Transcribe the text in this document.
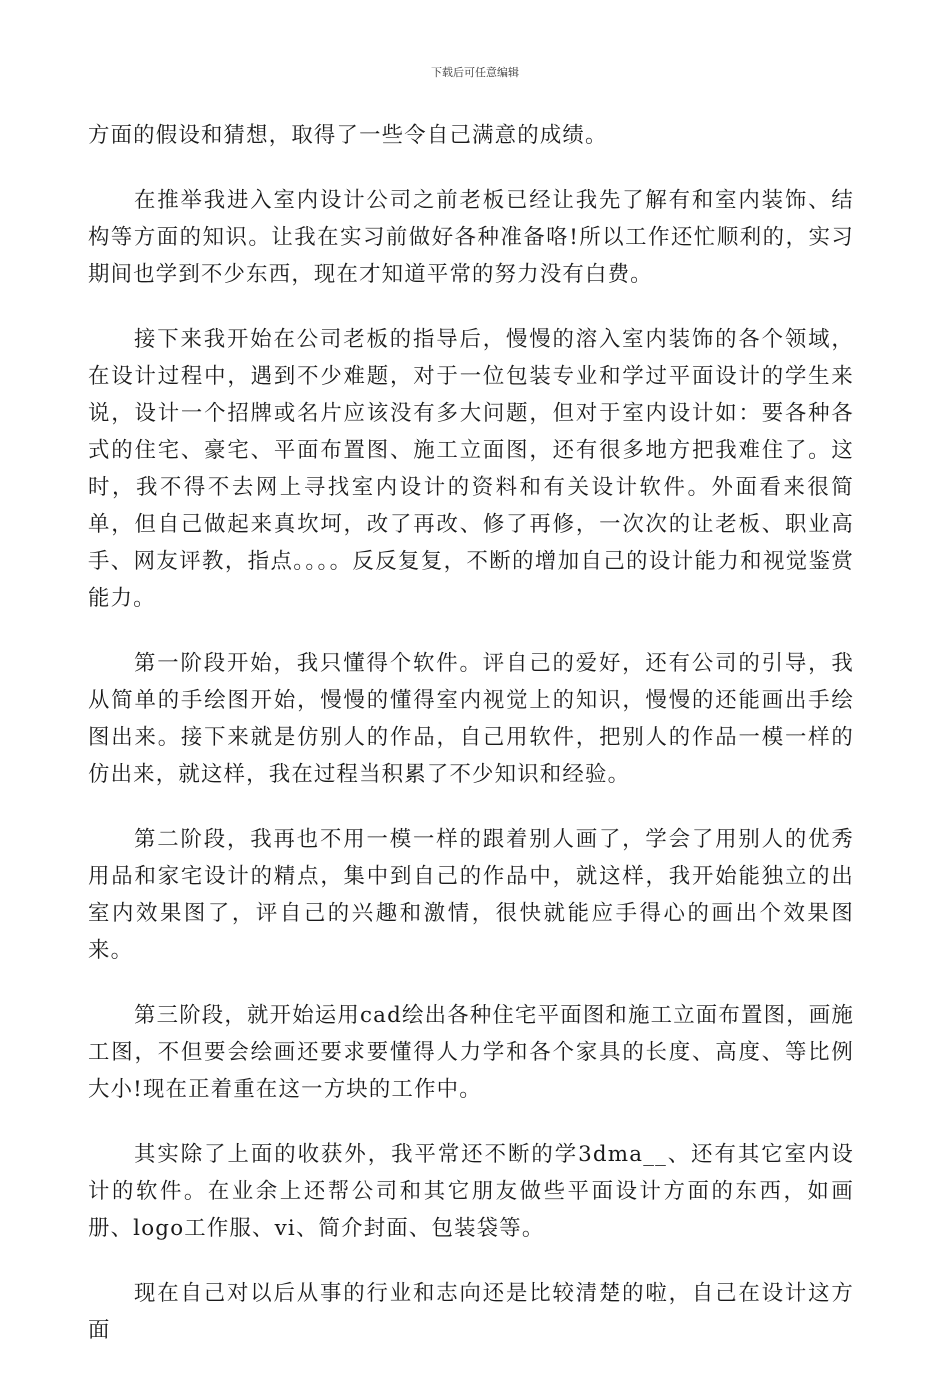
下载后可任意编辑

方面的假设和猜想，取得了一些令自己满意的成绩。

在推举我进入室内设计公司之前老板已经让我先了解有和室内装饰、结构等方面的知识。让我在实习前做好各种准备咯!所以工作还忙顺利的，实习期间也学到不少东西，现在才知道平常的努力没有白费。

接下来我开始在公司老板的指导后，慢慢的溶入室内装饰的各个领域，在设计过程中，遇到不少难题，对于一位包装专业和学过平面设计的学生来说，设计一个招牌或名片应该没有多大问题，但对于室内设计如：要各种各式的住宅、豪宅、平面布置图、施工立面图，还有很多地方把我难住了。这时，我不得不去网上寻找室内设计的资料和有关设计软件。外面看来很简单，但自己做起来真坎坷，改了再改、修了再修，一次次的让老板、职业高手、网友评教，指点。。。。反反复复，不断的增加自己的设计能力和视觉鉴赏能力。

第一阶段开始，我只懂得个软件。评自己的爱好，还有公司的引导，我从简单的手绘图开始，慢慢的懂得室内视觉上的知识，慢慢的还能画出手绘图出来。接下来就是仿别人的作品，自己用软件，把别人的作品一模一样的仿出来，就这样，我在过程当积累了不少知识和经验。

第二阶段，我再也不用一模一样的跟着别人画了，学会了用别人的优秀用品和家宅设计的精点，集中到自己的作品中，就这样，我开始能独立的出室内效果图了，评自己的兴趣和激情，很快就能应手得心的画出个效果图来。

第三阶段，就开始运用cad绘出各种住宅平面图和施工立面布置图，画施工图，不但要会绘画还要求要懂得人力学和各个家具的长度、高度、等比例大小!现在正着重在这一方块的工作中。

其实除了上面的收获外，我平常还不断的学3dma__、还有其它室内设计的软件。在业余上还帮公司和其它朋友做些平面设计方面的东西，如画册、logo工作服、vi、简介封面、包装袋等。

现在自己对以后从事的行业和志向还是比较清楚的啦，自己在设计这方面
